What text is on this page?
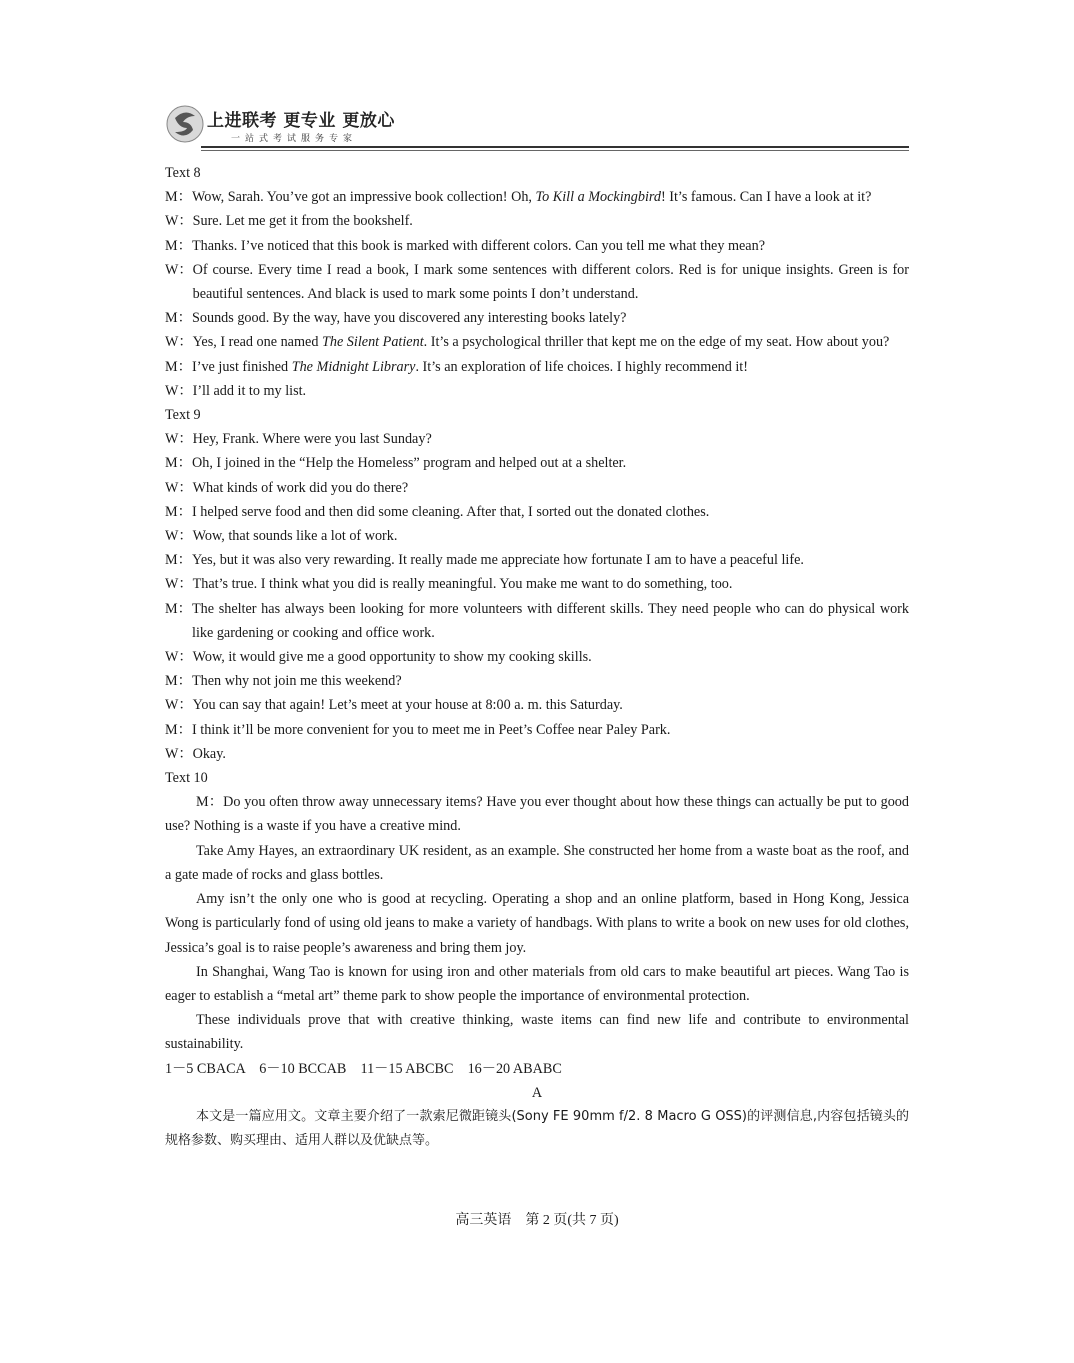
上进联考 更专业 更放心
一站式考试服务专家

Text 8

M： Wow, Sarah. You’ve got an impressive book collection! Oh, To Kill a Mockingbird! It’s famous. Can I have a look at it?
W： Sure. Let me get it from the bookshelf.
M： Thanks. I’ve noticed that this book is marked with different colors. Can you tell me what they mean?
W： Of course. Every time I read a book, I mark some sentences with different colors. Red is for unique insights. Green is for beautiful sentences. And black is used to mark some points I don’t understand.
M： Sounds good. By the way, have you discovered any interesting books lately?
W： Yes, I read one named The Silent Patient. It’s a psychological thriller that kept me on the edge of my seat. How about you?
M： I’ve just finished The Midnight Library. It’s an exploration of life choices. I highly recommend it!
W： I’ll add it to my list.

Text 9

W： Hey, Frank. Where were you last Sunday?
M： Oh, I joined in the “Help the Homeless” program and helped out at a shelter.
W： What kinds of work did you do there?
M： I helped serve food and then did some cleaning. After that, I sorted out the donated clothes.
W： Wow, that sounds like a lot of work.
M： Yes, but it was also very rewarding. It really made me appreciate how fortunate I am to have a peaceful life.
W： That’s true. I think what you did is really meaningful. You make me want to do something, too.
M： The shelter has always been looking for more volunteers with different skills. They need people who can do physical work like gardening or cooking and office work.
W： Wow, it would give me a good opportunity to show my cooking skills.
M： Then why not join me this weekend?
W： You can say that again! Let’s meet at your house at 8:00 a. m. this Saturday.
M： I think it’ll be more convenient for you to meet me in Peet’s Coffee near Paley Park.
W： Okay.

Text 10

M：Do you often throw away unnecessary items? Have you ever thought about how these things can actually be put to good use? Nothing is a waste if you have a creative mind.

Take Amy Hayes, an extraordinary UK resident, as an example. She constructed her home from a waste boat as the roof, and a gate made of rocks and glass bottles.

Amy isn’t the only one who is good at recycling. Operating a shop and an online platform, based in Hong Kong, Jessica Wong is particularly fond of using old jeans to make a variety of handbags. With plans to write a book on new uses for old clothes, Jessica’s goal is to raise people’s awareness and bring them joy.

In Shanghai, Wang Tao is known for using iron and other materials from old cars to make beautiful art pieces. Wang Tao is eager to establish a “metal art” theme park to show people the importance of environmental protection.

These individuals prove that with creative thinking, waste items can find new life and contribute to environmental sustainability.

1－5 CBACA　6－10 BCCAB　11－15 ABCBC　16－20 ABABC

A

本文是一篇应用文。文章主要介绍了一款索尼微距镜头(Sony FE 90mm f/2. 8 Macro G OSS)的评测信息,内容包括镜头的规格参数、购买理由、适用人群以及优缺点等。

高三英语　第 2 页(共 7 页)
